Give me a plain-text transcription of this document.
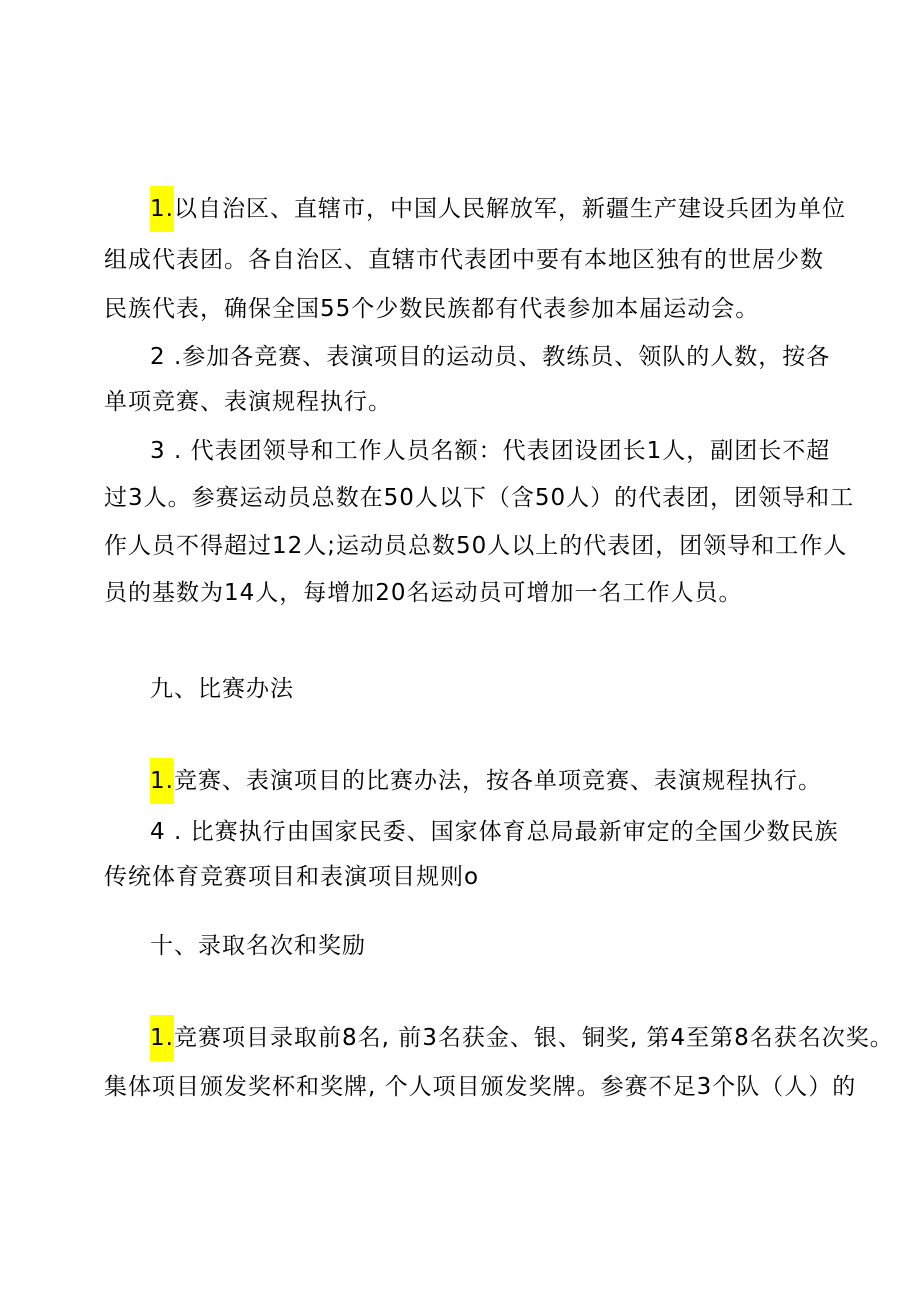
1.以自治区、直辖市，中国人民解放军，新疆生产建设兵团为单位
组成代表团。各自治区、直辖市代表团中要有本地区独有的世居少数
民族代表，确保全国55个少数民族都有代表参加本届运动会。
2 .参加各竞赛、表演项目的运动员、教练员、领队的人数，按各
单项竞赛、表演规程执行。
3 . 代表团领导和工作人员名额：代表团设团长1人，副团长不超
过3人。参赛运动员总数在50人以下（含50人）的代表团，团领导和工
作人员不得超过12人;运动员总数50人以上的代表团，团领导和工作人
员的基数为14人，每增加20名运动员可增加一名工作人员。
九、比赛办法
1.竞赛、表演项目的比赛办法，按各单项竞赛、表演规程执行。
4 . 比赛执行由国家民委、国家体育总局最新审定的全国少数民族
传统体育竞赛项目和表演项目规则o
十、录取名次和奖励
1.竞赛项目录取前8名, 前3名获金、银、铜奖, 第4至第8名获名次奖。
集体项目颁发奖杯和奖牌, 个人项目颁发奖牌。参赛不足3个队（人）的
